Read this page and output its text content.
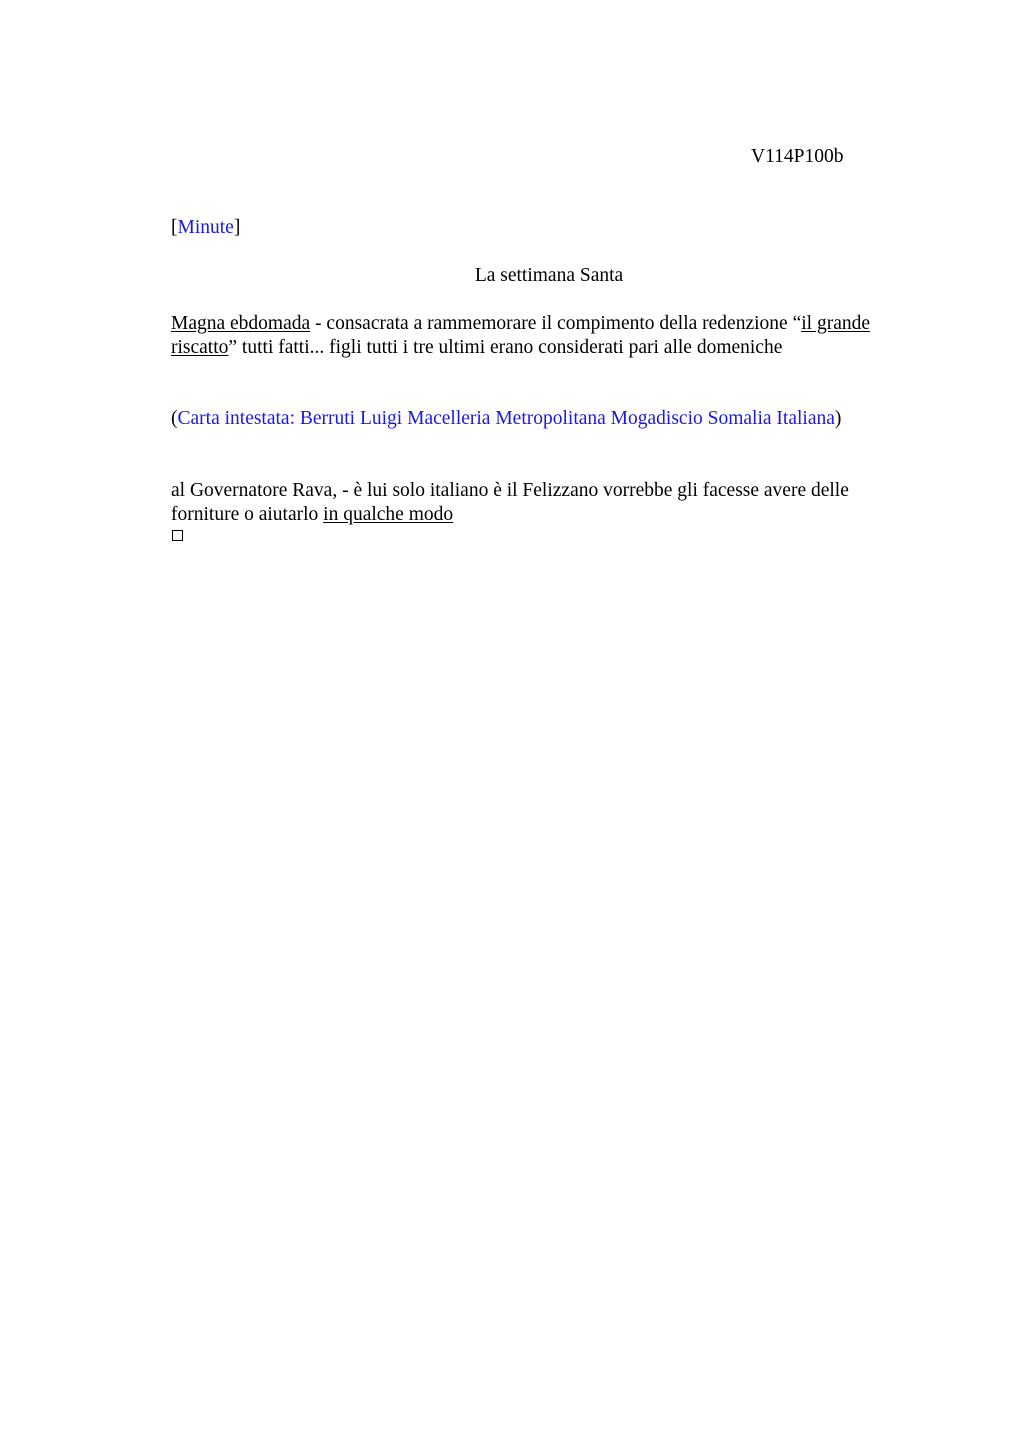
V114P100b
[Minute]
La settimana Santa
Magna ebdomada - consacrata a rammemorare il compimento della redenzione “il grande
riscatto” tutti fatti... figli tutti i tre ultimi erano considerati pari alle domeniche
(Carta intestata: Berruti Luigi Macelleria Metropolitana Mogadiscio Somalia Italiana)
al Governatore Rava, - è lui solo italiano è il Felizzano vorrebbe gli facesse avere delle
forniture o aiutarlo in qualche modo
